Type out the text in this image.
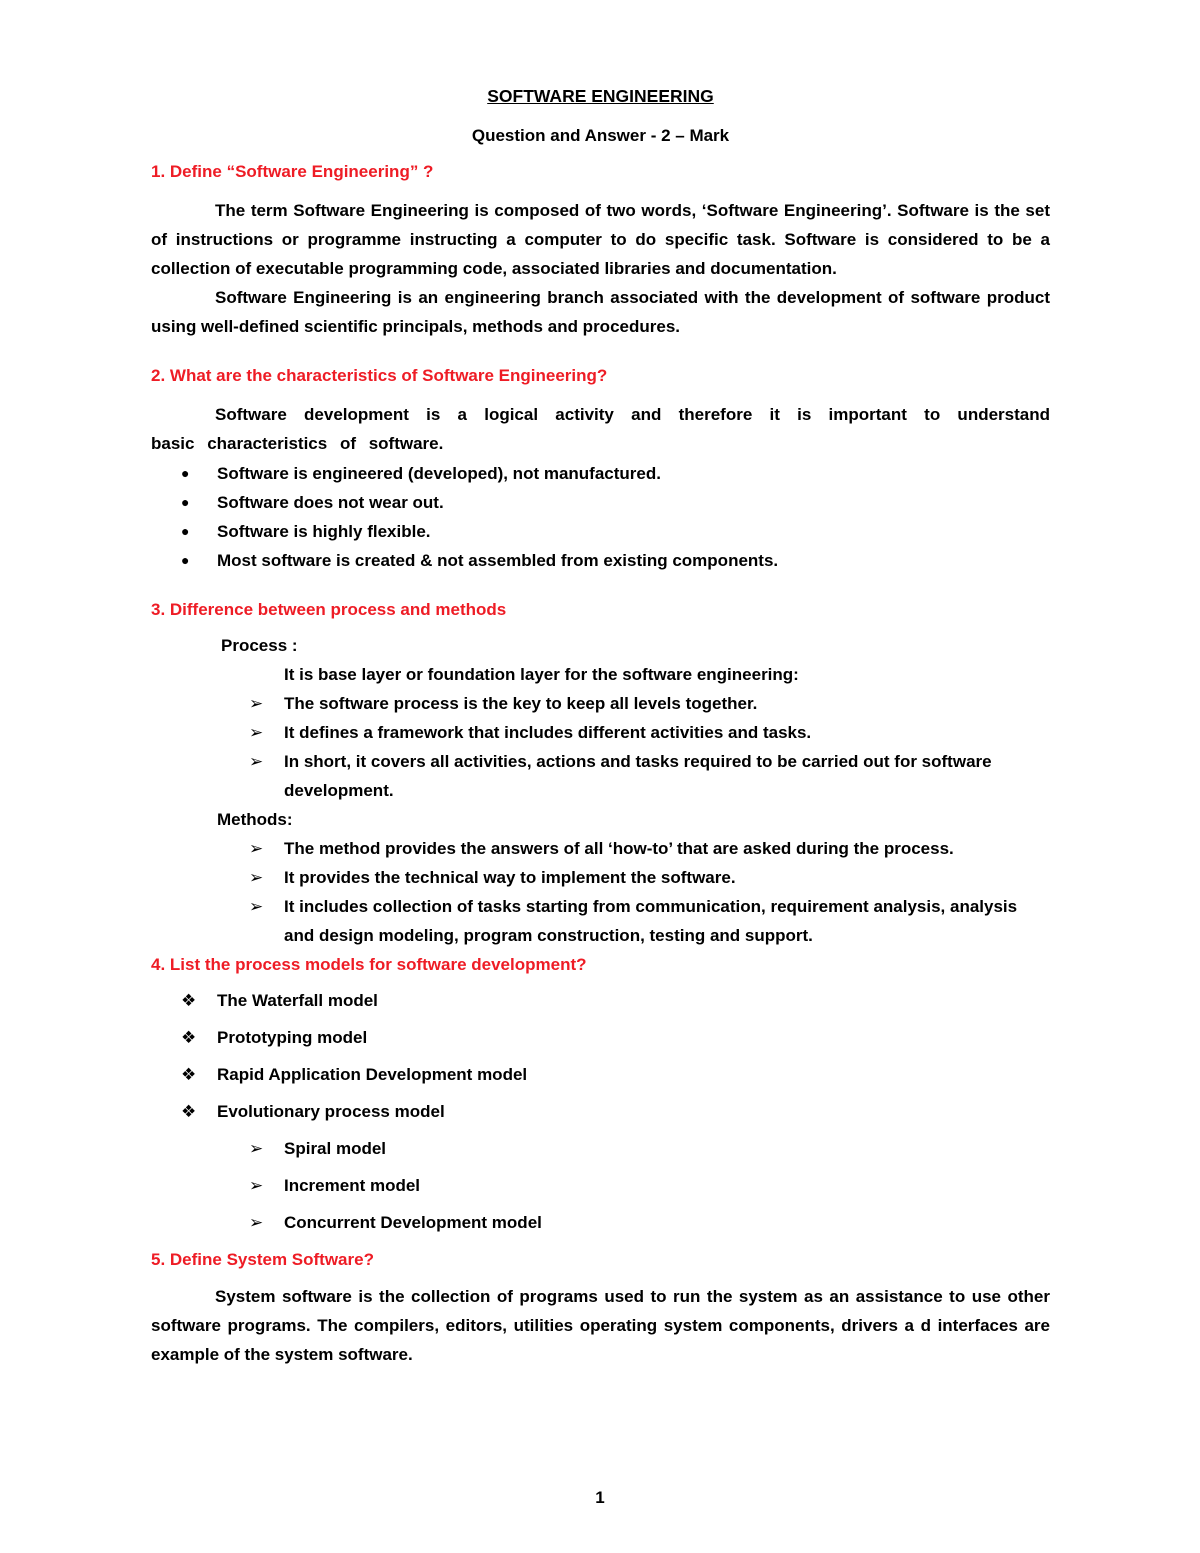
SOFTWARE ENGINEERING

Question and Answer - 2 – Mark

1. Define “Software Engineering” ?

The term Software Engineering is composed of two words, ‘Software Engineering’. Software is the set of instructions or programme instructing a computer to do specific task. Software is considered to be a collection of executable programming code, associated libraries and documentation.

Software Engineering is an engineering branch associated with the development of software product using well-defined scientific principals, methods and procedures.

2. What are the characteristics of Software Engineering?

Software development is a logical activity and therefore it is important to understand basic characteristics of software.

● Software is engineered (developed), not manufactured.
● Software does not wear out.
● Software is highly flexible.
● Most software is created & not assembled from existing components.

3. Difference between process and methods

Process :

It is base layer or foundation layer for the software engineering:

➢ The software process is the key to keep all levels together.
➢ It defines a framework that includes different activities and tasks.
➢ In short, it covers all activities, actions and tasks required to be carried out for software development.

Methods:

➢ The method provides the answers of all ‘how-to’ that are asked during the process.
➢ It provides the technical way to implement the software.
➢ It includes collection of tasks starting from communication, requirement analysis, analysis and design modeling, program construction, testing and support.

4. List the process models for software development?

❖ The Waterfall model
❖ Prototyping model
❖ Rapid Application Development model
❖ Evolutionary process model
➢ Spiral model
➢ Increment model
➢ Concurrent Development model

5. Define System Software?

System software is the collection of programs used to run the system as an assistance to use other software programs. The compilers, editors, utilities operating system components, drivers a d interfaces are example of the system software.

1
